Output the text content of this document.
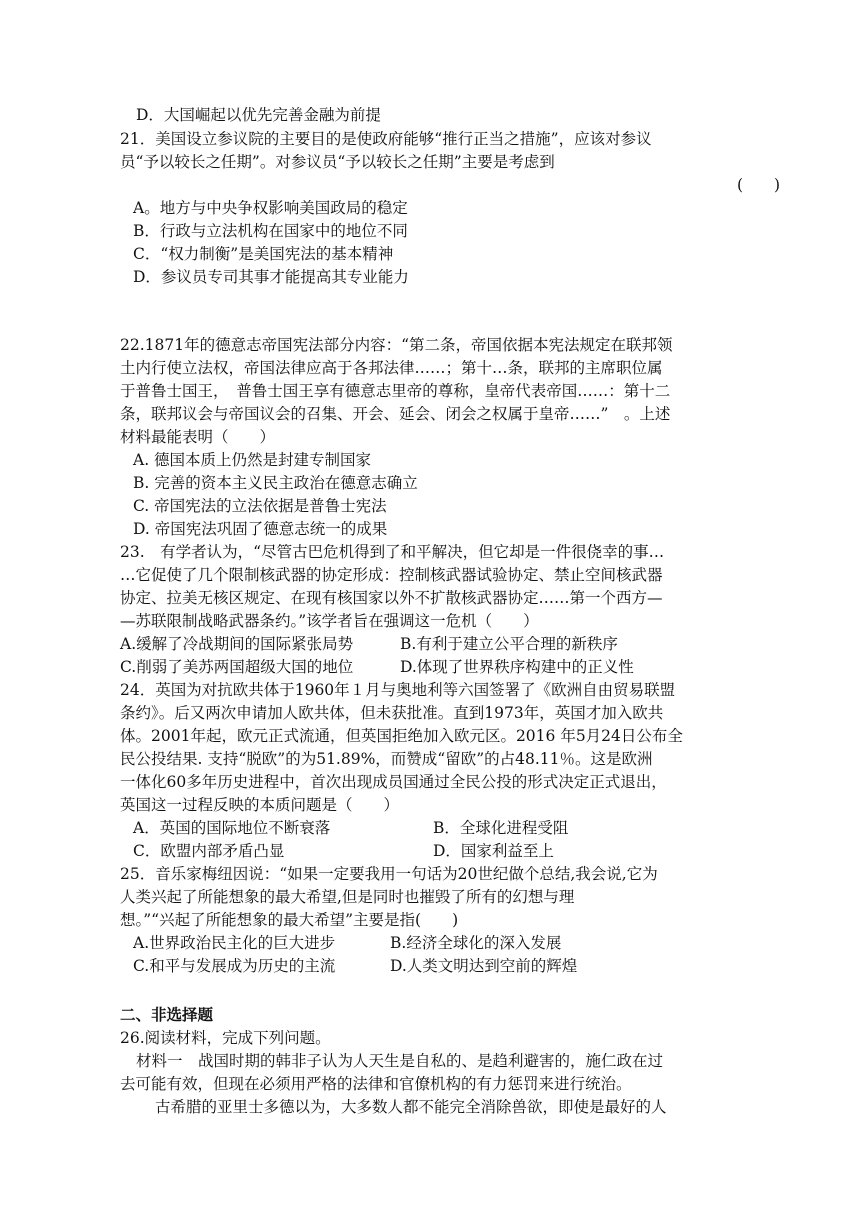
D．大国崛起以优先完善金融为前提
21．美国设立参议院的主要目的是使政府能够“推行正当之措施”，应该对参议
员“予以较长之任期”。对参议员“予以较长之任期”主要是考虑到
(　　)
A。地方与中央争权影响美国政局的稳定
B．行政与立法机构在国家中的地位不同
C．“权力制衡”是美国宪法的基本精神
D．参议员专司其事才能提高其专业能力
22.1871年的德意志帝国宪法部分内容：“第二条，帝国依据本宪法规定在联邦领
土内行使立法权，帝国法律应高于各邦法律……；第十…条，联邦的主席职位属
于普鲁士国王，　普鲁士国王享有德意志里帝的尊称，皇帝代表帝国……：第十二
条，联邦议会与帝国议会的召集、开会、延会、闭会之权属于皇帝……”　。上述
材料最能表明（　　）
A. 德国本质上仍然是封建专制国家
B. 完善的资本主义民主政治在德意志确立
C. 帝国宪法的立法依据是普鲁士宪法
D. 帝国宪法巩固了德意志统一的成果
23.　有学者认为，“尽管古巴危机得到了和平解决，但它却是一件很侥幸的事…
…它促使了几个限制核武器的协定形成：控制核武器试验协定、禁止空间核武器
协定、拉美无核区规定、在现有核国家以外不扩散核武器协定……第一个西方—
—苏联限制战略武器条约。”该学者旨在强调这一危机（　　）
A.缓解了冷战期间的国际紧张局势	B.有利于建立公平合理的新秩序
C.削弱了美苏两国超级大国的地位	D.体现了世界秩序构建中的正义性
24．英国为对抗欧共体于1960年１月与奥地利等六国签署了《欧洲自由贸易联盟
条约》。后又两次申请加人欧共体，但未获批准。直到1973年，英国才加入欧共
体。2001年起，欧元正式流通，但英国拒绝加入欧元区。2016 年5月24日公布全
民公投结果. 支持“脱欧”的为51.89%，而赞成“留欧”的占48.11％。这是欧洲
一体化60多年历史进程中，首次出现成员国通过全民公投的形式决定正式退出，
英国这一过程反映的本质问题是（　　）
A．英国的国际地位不断衰落	B．全球化进程受阻
C．欧盟内部矛盾凸显	D．国家利益至上
25．音乐家梅纽因说：“如果一定要我用一句话为20世纪做个总结,我会说,它为
人类兴起了所能想象的最大希望,但是同时也摧毁了所有的幻想与理
想。”“兴起了所能想象的最大希望”主要是指(　　)
A.世界政治民主化的巨大进步	B.经济全球化的深入发展
C.和平与发展成为历史的主流	D.人类文明达到空前的辉煌
二、非选择题
26.阅读材料，完成下列问题。
材料一　战国时期的韩非子认为人天生是自私的、是趋利避害的，施仁政在过
去可能有效，但现在必须用严格的法律和官僚机构的有力惩罚来进行统治。
古希腊的亚里士多德以为，大多数人都不能完全消除兽欲，即使是最好的人
